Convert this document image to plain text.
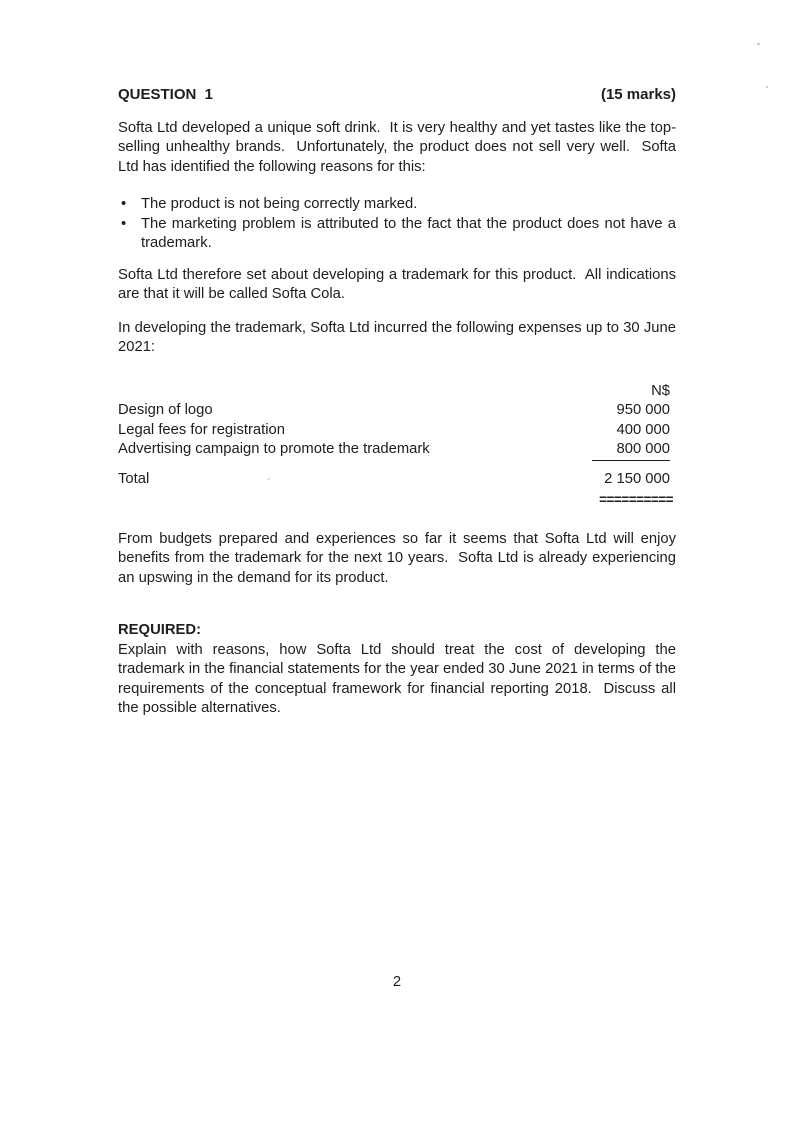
QUESTION  1	(15 marks)

Softa Ltd developed a unique soft drink.  It is very healthy and yet tastes like the top-selling unhealthy brands.  Unfortunately, the product does not sell very well.  Softa Ltd has identified the following reasons for this:

• The product is not being correctly marked.
• The marketing problem is attributed to the fact that the product does not have a trademark.

Softa Ltd therefore set about developing a trademark for this product.  All indications are that it will be called Softa Cola.

In developing the trademark, Softa Ltd incurred the following expenses up to 30 June 2021:

N$
Design of logo	950 000
Legal fees for registration	400 000
Advertising campaign to promote the trademark	800 000
Total	2 150 000
==========

From budgets prepared and experiences so far it seems that Softa Ltd will enjoy benefits from the trademark for the next 10 years.  Softa Ltd is already experiencing an upswing in the demand for its product.

REQUIRED:

Explain with reasons, how Softa Ltd should treat the cost of developing the trademark in the financial statements for the year ended 30 June 2021 in terms of the requirements of the conceptual framework for financial reporting 2018.  Discuss all the possible alternatives.

2
